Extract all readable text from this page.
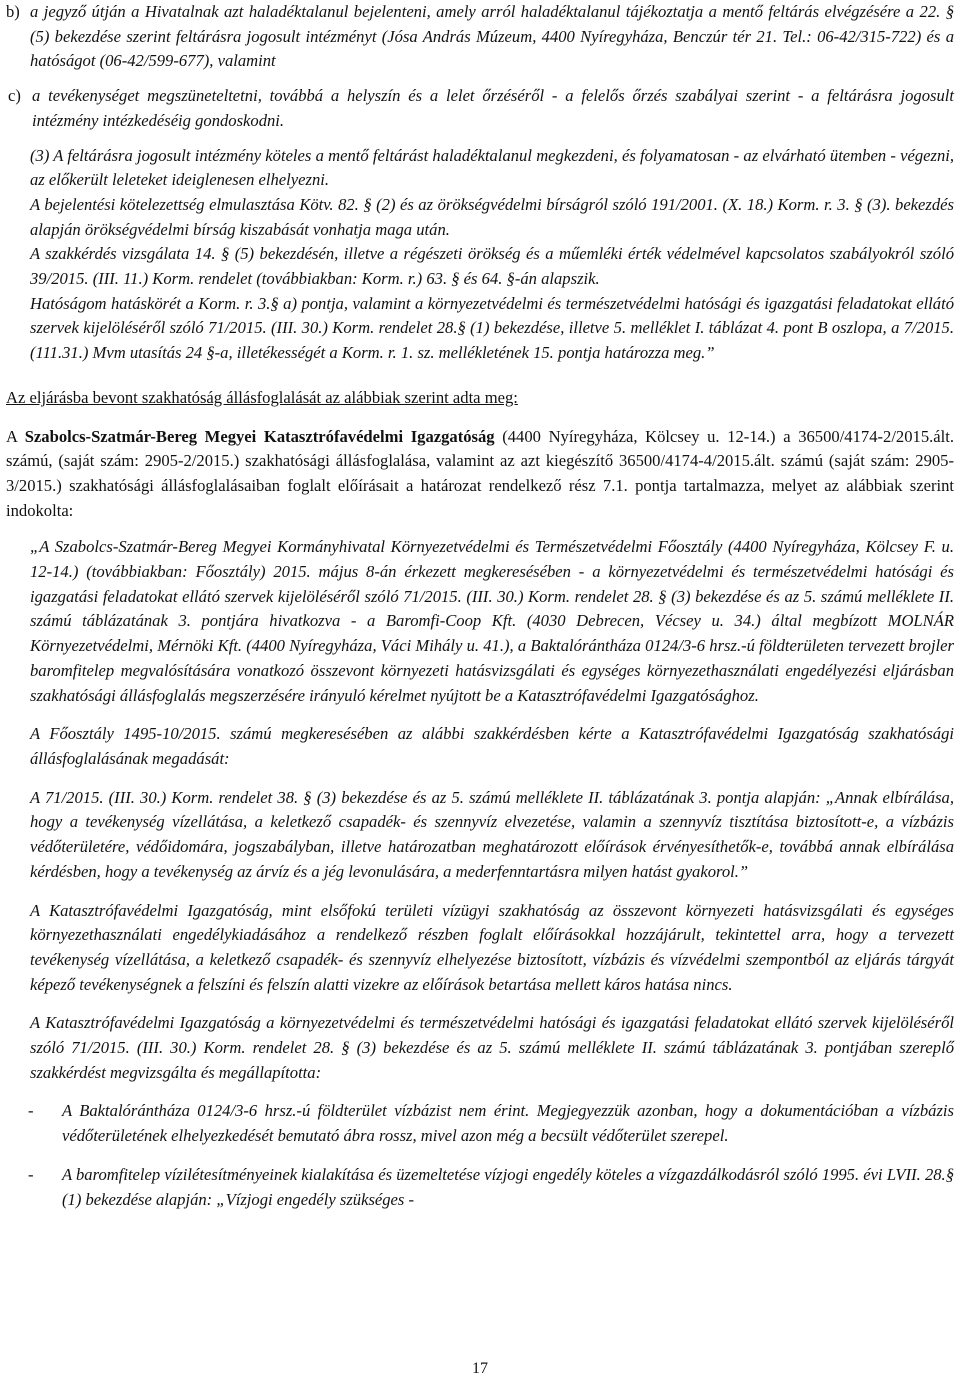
b) a jegyző útján a Hivatalnak azt haladéktalanul bejelenteni, amely arról haladéktalanul tájékoztatja a mentő feltárás elvégzésére a 22. § (5) bekezdése szerint feltárásra jogosult intézményt (Jósa András Múzeum, 4400 Nyíregyháza, Benczúr tér 21. Tel.: 06-42/315-722) és a hatóságot (06-42/599-677), valamint

c) a tevékenységet megszüneteltetni, továbbá a helyszín és a lelet őrzéséről - a felelős őrzés szabályai szerint - a feltárásra jogosult intézmény intézkedéséig gondoskodni.

(3) A feltárásra jogosult intézmény köteles a mentő feltárást haladéktalanul megkezdeni, és folyamatosan - az elvárható ütemben - végezni, az előkerült leleteket ideiglenesen elhelyezni.

A bejelentési kötelezettség elmulasztása Kötv. 82. § (2) és az örökségvédelmi bírságról szóló 191/2001. (X. 18.) Korm. r. 3. § (3). bekezdés alapján örökségvédelmi bírság kiszabását vonhatja maga után.

A szakkérdés vizsgálata 14. § (5) bekezdésén, illetve a régészeti örökség és a műemléki érték védelmével kapcsolatos szabályokról szóló 39/2015. (III. 11.) Korm. rendelet (továbbiakban: Korm. r.) 63. § és 64. §-án alapszik.

Hatóságom hatáskörét a Korm. r. 3.§ a) pontja, valamint a környezetvédelmi és természetvédelmi hatósági és igazgatási feladatokat ellátó szervek kijelöléséről szóló 71/2015. (III. 30.) Korm. rendelet 28.§ (1) bekezdése, illetve 5. melléklet I. táblázat 4. pont B oszlopa, a 7/2015. (111.31.) Mvm utasítás 24 §-a, illetékességét a Korm. r. 1. sz. mellékletének 15. pontja határozza meg.”

Az eljárásba bevont szakhatóság állásfoglalását az alábbiak szerint adta meg:

A Szabolcs-Szatmár-Bereg Megyei Katasztrófavédelmi Igazgatóság (4400 Nyíregyháza, Kölcsey u. 12-14.) a 36500/4174-2/2015.ált. számú, (saját szám: 2905-2/2015.) szakhatósági állásfoglalása, valamint az azt kiegészítő 36500/4174-4/2015.ált. számú (saját szám: 2905-3/2015.) szakhatósági állásfoglalásaiban foglalt előírásait a határozat rendelkező rész 7.1. pontja tartalmazza, melyet az alábbiak szerint indokolta:

„A Szabolcs-Szatmár-Bereg Megyei Kormányhivatal Környezetvédelmi és Természetvédelmi Főosztály (4400 Nyíregyháza, Kölcsey F. u. 12-14.) (továbbiakban: Főosztály) 2015. május 8-án érkezett megkeresésében - a környezetvédelmi és természetvédelmi hatósági és igazgatási feladatokat ellátó szervek kijelöléséről szóló 71/2015. (III. 30.) Korm. rendelet 28. § (3) bekezdése és az 5. számú melléklete II. számú táblázatának 3. pontjára hivatkozva - a Baromfi-Coop Kft. (4030 Debrecen, Vécsey u. 34.) által megbízott MOLNÁR Környezetvédelmi, Mérnöki Kft. (4400 Nyíregyháza, Váci Mihály u. 41.), a Baktalórántháza 0124/3-6 hrsz.-ú földterületen tervezett brojler baromfitelep megvalósítására vonatkozó összevont környezeti hatásvizsgálati és egységes környezethasználati engedélyezési eljárásban szakhatósági állásfoglalás megszerzésére irányuló kérelmet nyújtott be a Katasztrófavédelmi Igazgatósághoz.

A Főosztály 1495-10/2015. számú megkeresésében az alábbi szakkérdésben kérte a Katasztrófavédelmi Igazgatóság szakhatósági állásfoglalásának megadását:

A 71/2015. (III. 30.) Korm. rendelet 38. § (3) bekezdése és az 5. számú melléklete II. táblázatának 3. pontja alapján: „Annak elbírálása, hogy a tevékenység vízellátása, a keletkező csapadék- és szennyvíz elvezetése, valamin a szennyvíz tisztítása biztosított-e, a vízbázis védőterületére, védőidomára, jogszabályban, illetve határozatban meghatározott előírások érvényesíthetők-e, továbbá annak elbírálása kérdésben, hogy a tevékenység az árvíz és a jég levonulására, a mederfenntartásra milyen hatást gyakorol.”

A Katasztrófavédelmi Igazgatóság, mint elsőfokú területi vízügyi szakhatóság az összevont környezeti hatásvizsgálati és egységes környezethasználati engedélykiadásához a rendelkező részben foglalt előírásokkal hozzájárult, tekintettel arra, hogy a tervezett tevékenység vízellátása, a keletkező csapadék- és szennyvíz elhelyezése biztosított, vízbázis és vízvédelmi szempontból az eljárás tárgyát képező tevékenységnek a felszíni és felszín alatti vizekre az előírások betartása mellett káros hatása nincs.

A Katasztrófavédelmi Igazgatóság a környezetvédelmi és természetvédelmi hatósági és igazgatási feladatokat ellátó szervek kijelöléséről szóló 71/2015. (III. 30.) Korm. rendelet 28. § (3) bekezdése és az 5. számú melléklete II. számú táblázatának 3. pontjában szereplő szakkérdést megvizsgálta és megállapította:

-	A Baktalórántháza 0124/3-6 hrsz.-ú földterület vízbázist nem érint. Megjegyezzük azonban, hogy a dokumentációban a vízbázis védőterületének elhelyezkedését bemutató ábra rossz, mivel azon még a becsült védőterület szerepel.

-	A baromfitelep vízilétesítményeinek kialakítása és üzemeltetése vízjogi engedély köteles a vízgazdálkodásról szóló 1995. évi LVII. 28.§ (1) bekezdése alapján: „Vízjogi engedély szükséges -

17
